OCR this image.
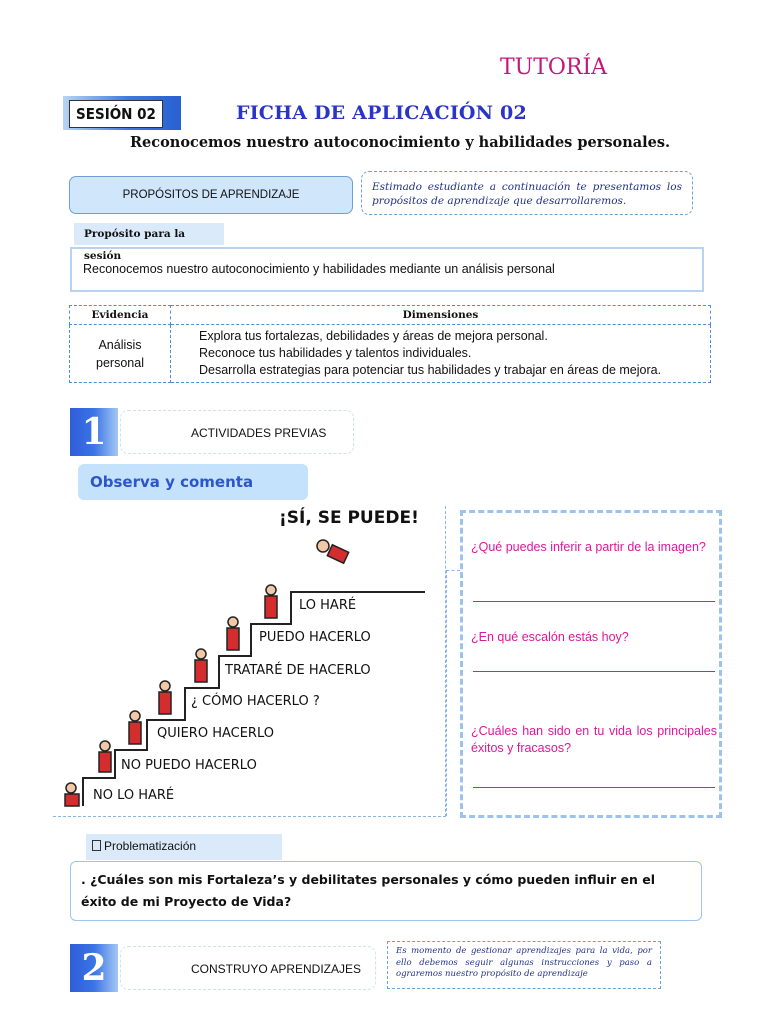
TUTORÍA
SESIÓN 02	FICHA DE APLICACIÓN 02
Reconocemos nuestro autoconocimiento y habilidades personales.
PROPÓSITOS DE APRENDIZAJE
Estimado estudiante a continuación te presentamos los propósitos de aprendizaje que desarrollaremos.
Propósito para la sesión
Reconocemos nuestro autoconocimiento y habilidades mediante un análisis personal
Evidencia	Dimensiones
Análisis personal	Explora tus fortalezas, debilidades y áreas de mejora personal.
Reconoce tus habilidades y talentos individuales.
Desarrolla estrategias para potenciar tus habilidades y trabajar en áreas de mejora.
ACTIVIDADES PREVIAS
1
Observa y comenta
¡SÍ, SE PUEDE!
LO HARÉ
PUEDO HACERLO
TRATARÉ DE HACERLO
¿ CÓMO HACERLO ?
QUIERO HACERLO
NO PUEDO HACERLO
NO LO HARÉ
¿Qué puedes inferir a partir de la imagen?
¿En qué escalón estás hoy?
¿Cuáles han sido en tu vida los principales éxitos y fracasos?
Problematización
. ¿Cuáles son mis Fortaleza’s y debilitates personales y cómo pueden influir en el éxito de mi Proyecto de Vida?
CONSTRUYO APRENDIZAJES
2	Es momento de gestionar aprendizajes para la vida, por ello debemos seguir algunas instrucciones y paso a ograremos nuestro propósito de aprendizaje
